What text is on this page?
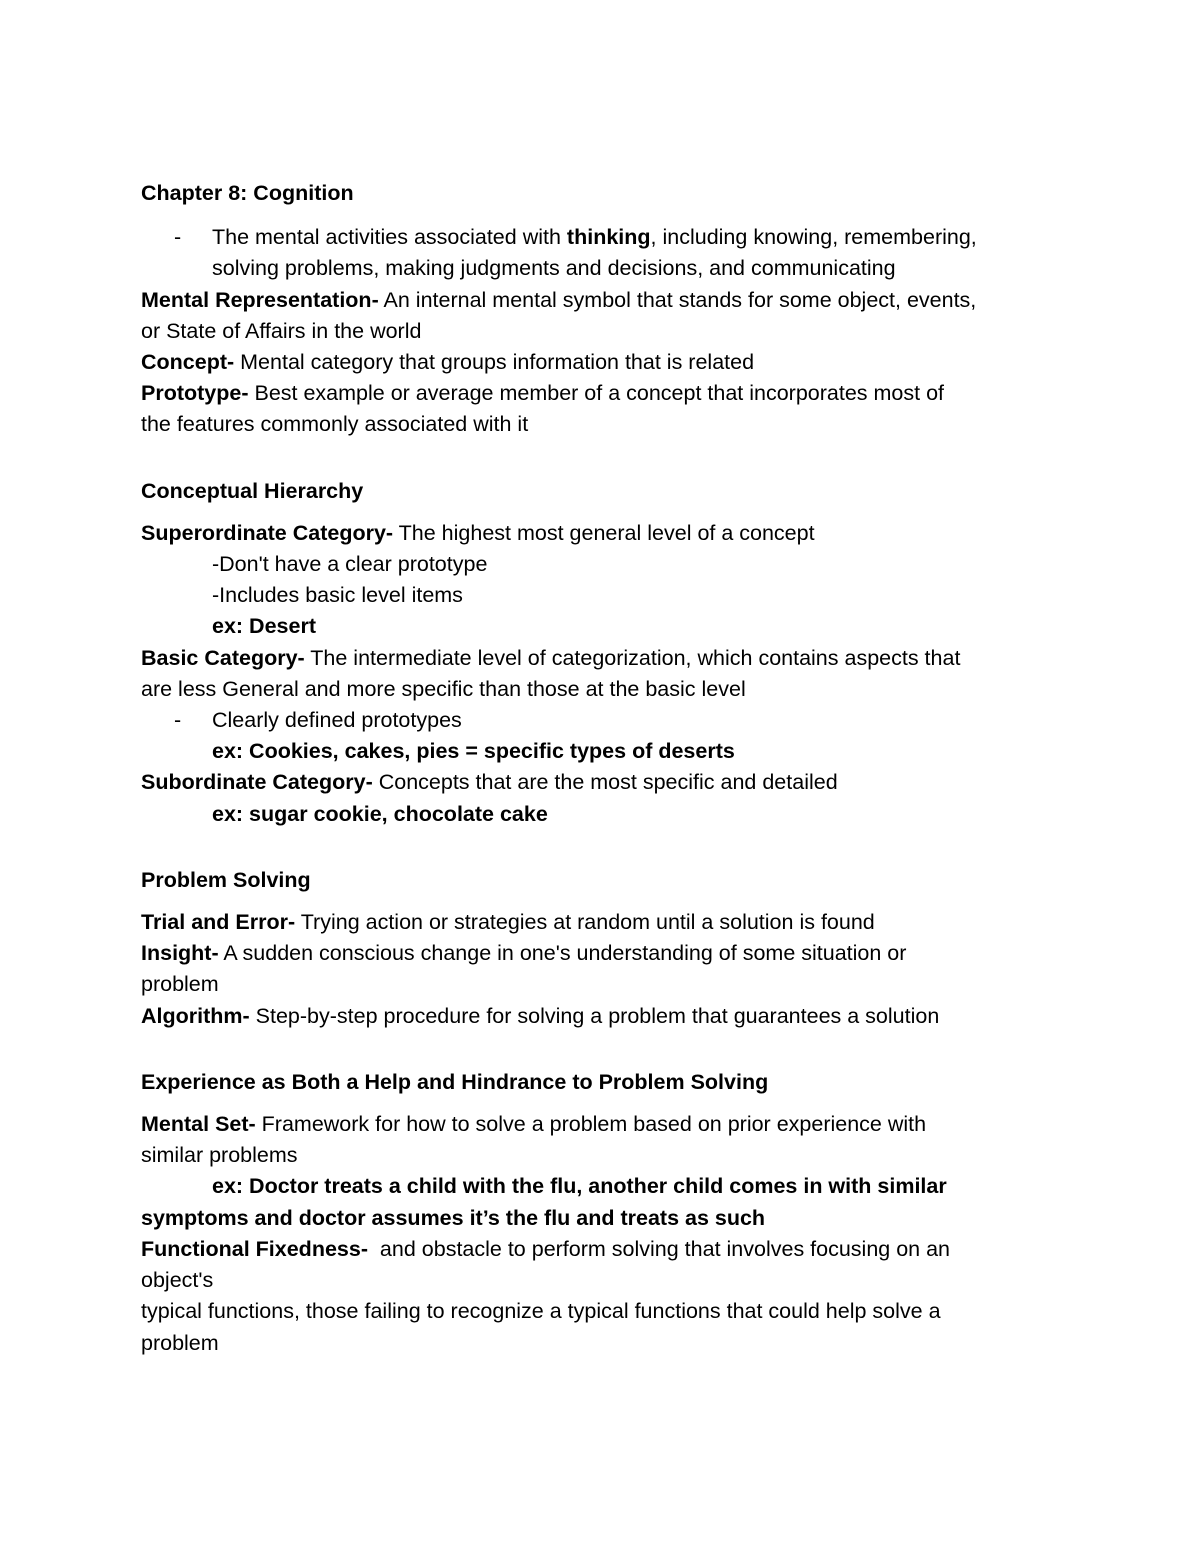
Chapter 8: Cognition
- The mental activities associated with thinking, including knowing, remembering,
solving problems, making judgments and decisions, and communicating
Mental Representation- An internal mental symbol that stands for some object, events,
or State of Affairs in the world
Concept- Mental category that groups information that is related
Prototype- Best example or average member of a concept that incorporates most of
the features commonly associated with it
Conceptual Hierarchy
Superordinate Category- The highest most general level of a concept
-Don't have a clear prototype
-Includes basic level items
ex: Desert
Basic Category- The intermediate level of categorization, which contains aspects that
are less General and more specific than those at the basic level
- Clearly defined prototypes
ex: Cookies, cakes, pies = specific types of deserts
Subordinate Category- Concepts that are the most specific and detailed
ex: sugar cookie, chocolate cake
Problem Solving
Trial and Error- Trying action or strategies at random until a solution is found
Insight- A sudden conscious change in one's understanding of some situation or
problem
Algorithm- Step-by-step procedure for solving a problem that guarantees a solution
Experience as Both a Help and Hindrance to Problem Solving
Mental Set- Framework for how to solve a problem based on prior experience with
similar problems
ex: Doctor treats a child with the flu, another child comes in with similar
symptoms and doctor assumes it’s the flu and treats as such
Functional Fixedness-  and obstacle to perform solving that involves focusing on an
object's
typical functions, those failing to recognize a typical functions that could help solve a
problem
